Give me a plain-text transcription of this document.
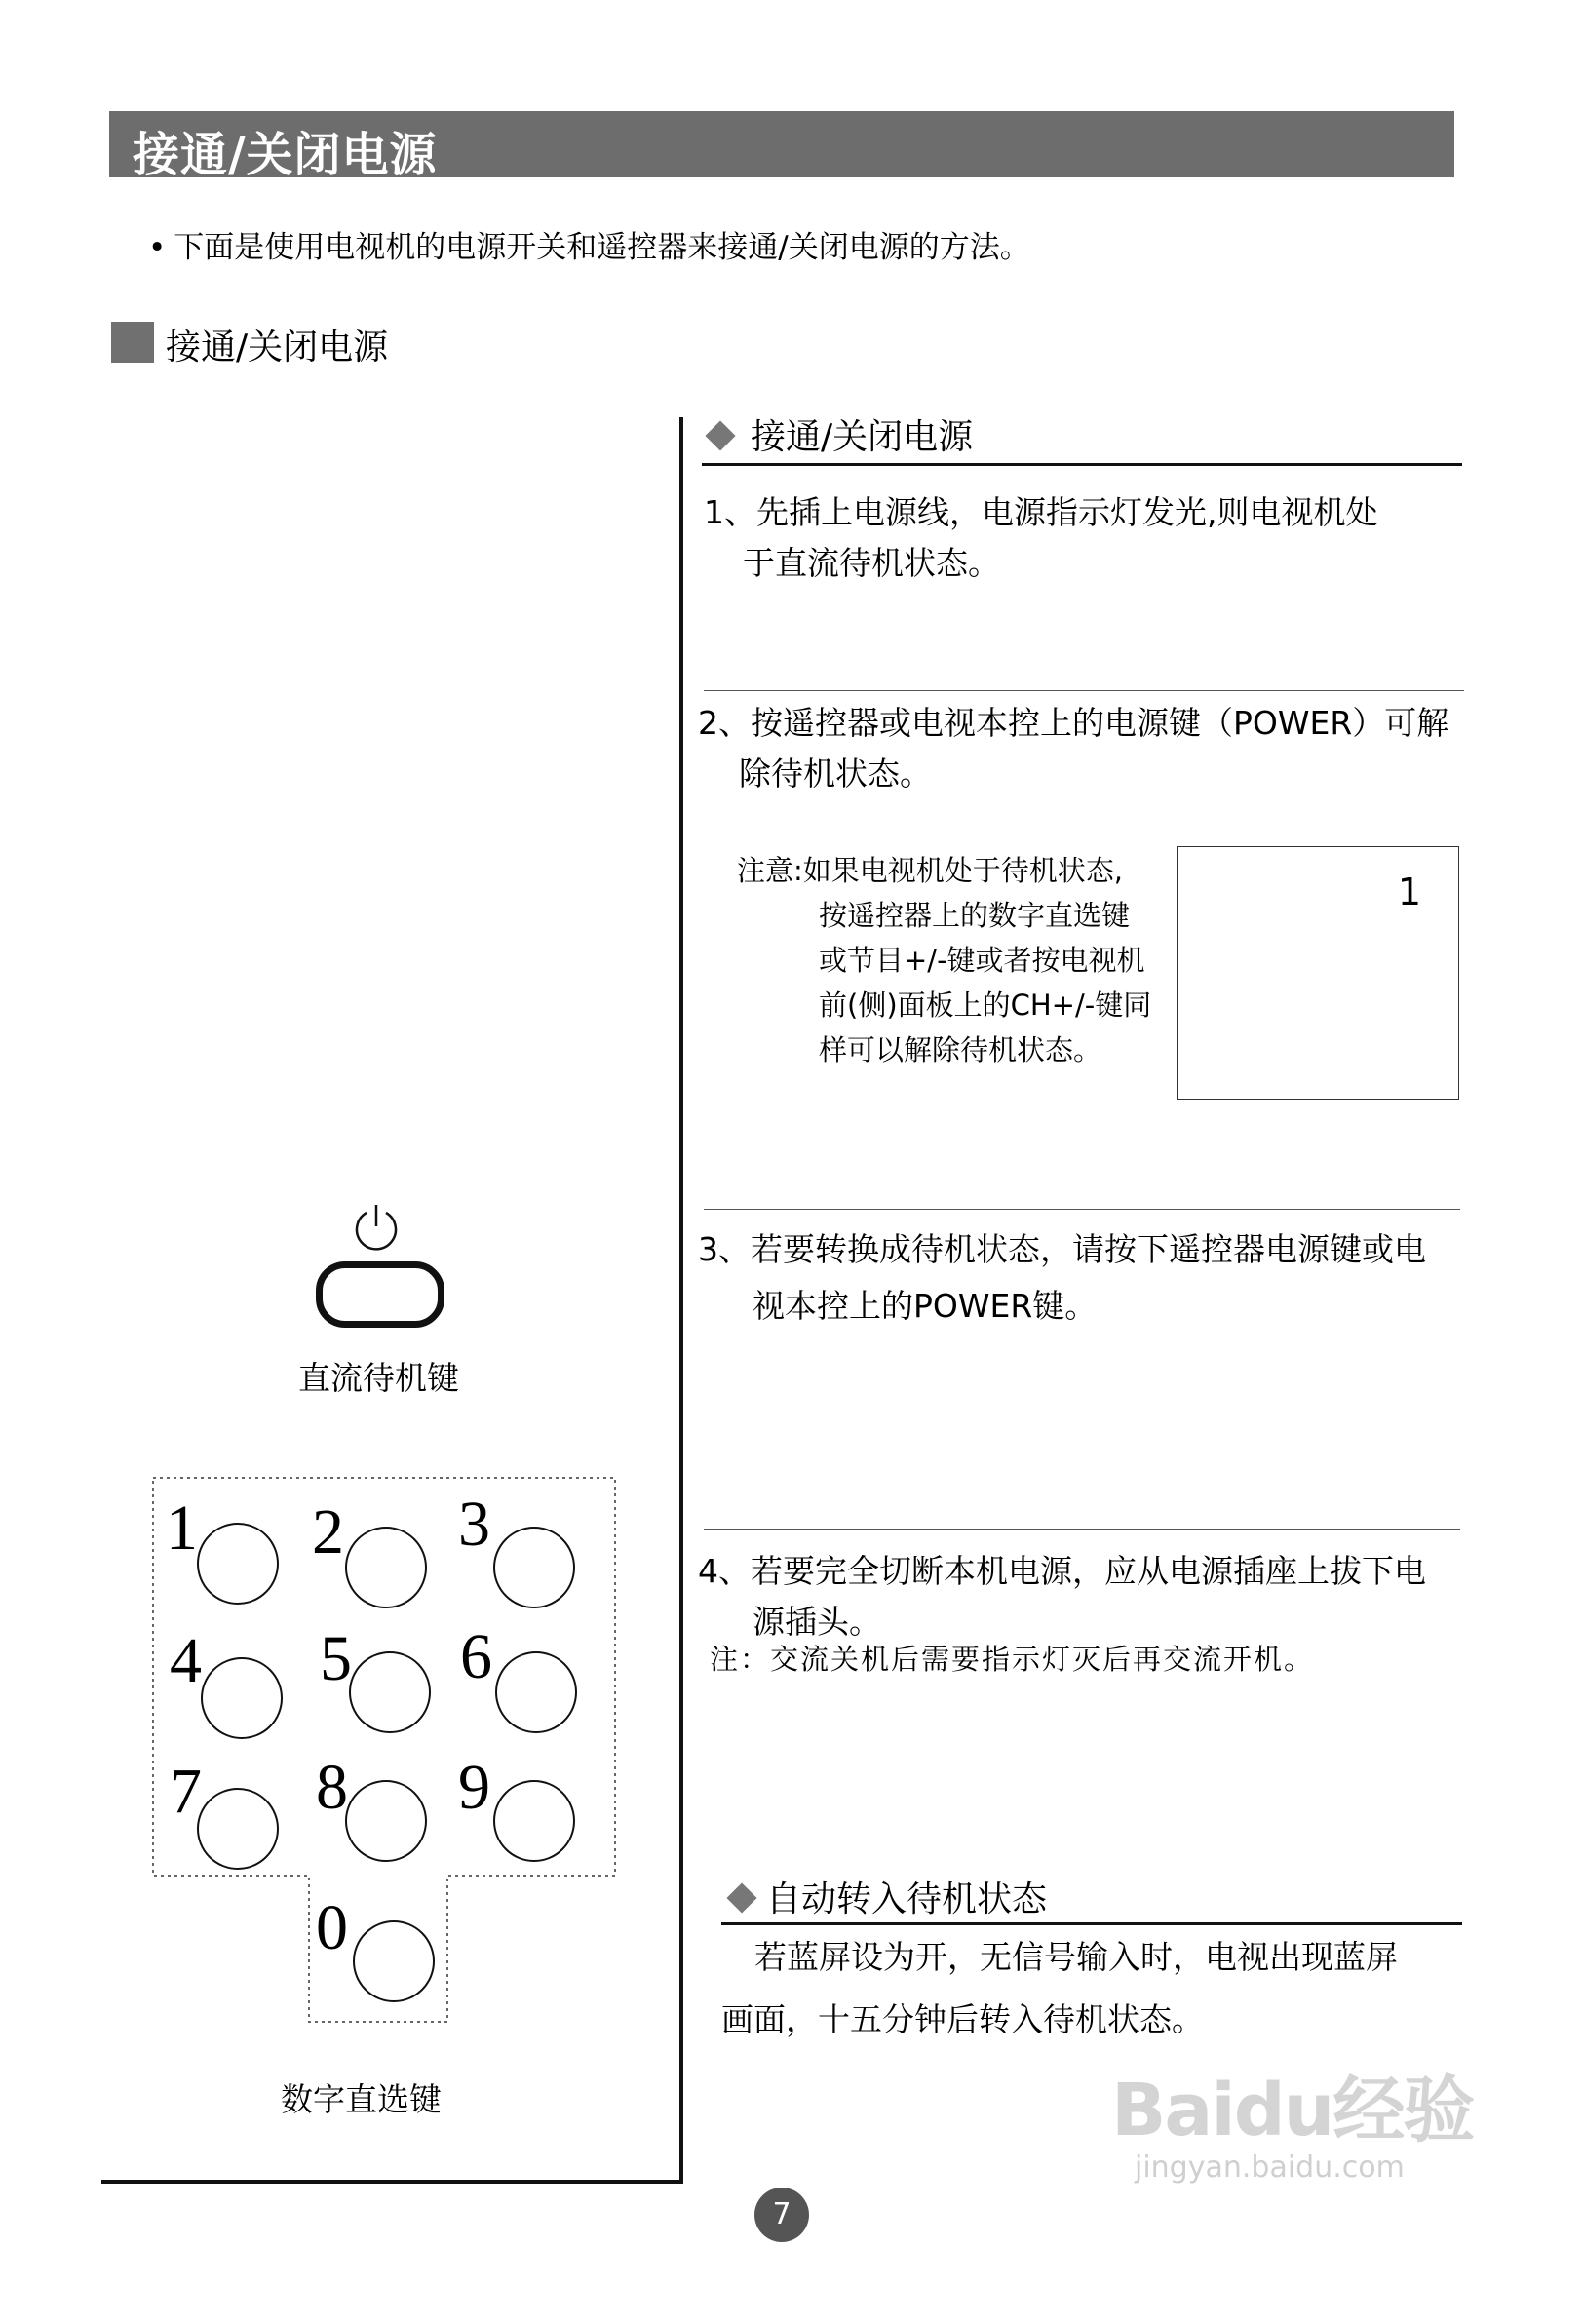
接通/关闭电源
• 下面是使用电视机的电源开关和遥控器来接通/关闭电源的方法。
接通/关闭电源
接通/关闭电源
1、先插上电源线，电源指示灯发光,则电视机处
于直流待机状态。
2、按遥控器或电视本控上的电源键（POWER）可解
除待机状态。
注意:如果电视机处于待机状态,
按遥控器上的数字直选键
或节目+/-键或者按电视机
前(侧)面板上的CH+/-键同
样可以解除待机状态。
1
3、若要转换成待机状态，请按下遥控器电源键或电
视本控上的POWER键。
4、若要完全切断本机电源，应从电源插座上拔下电
源插头。
注：交流关机后需要指示灯灭后再交流开机。
自动转入待机状态
若蓝屏设为开，无信号输入时，电视出现蓝屏
画面，十五分钟后转入待机状态。
直流待机键
1 2 3
4 5 6
7 8 9
0
数字直选键
7
Baidu经验
jingyan.baidu.com
